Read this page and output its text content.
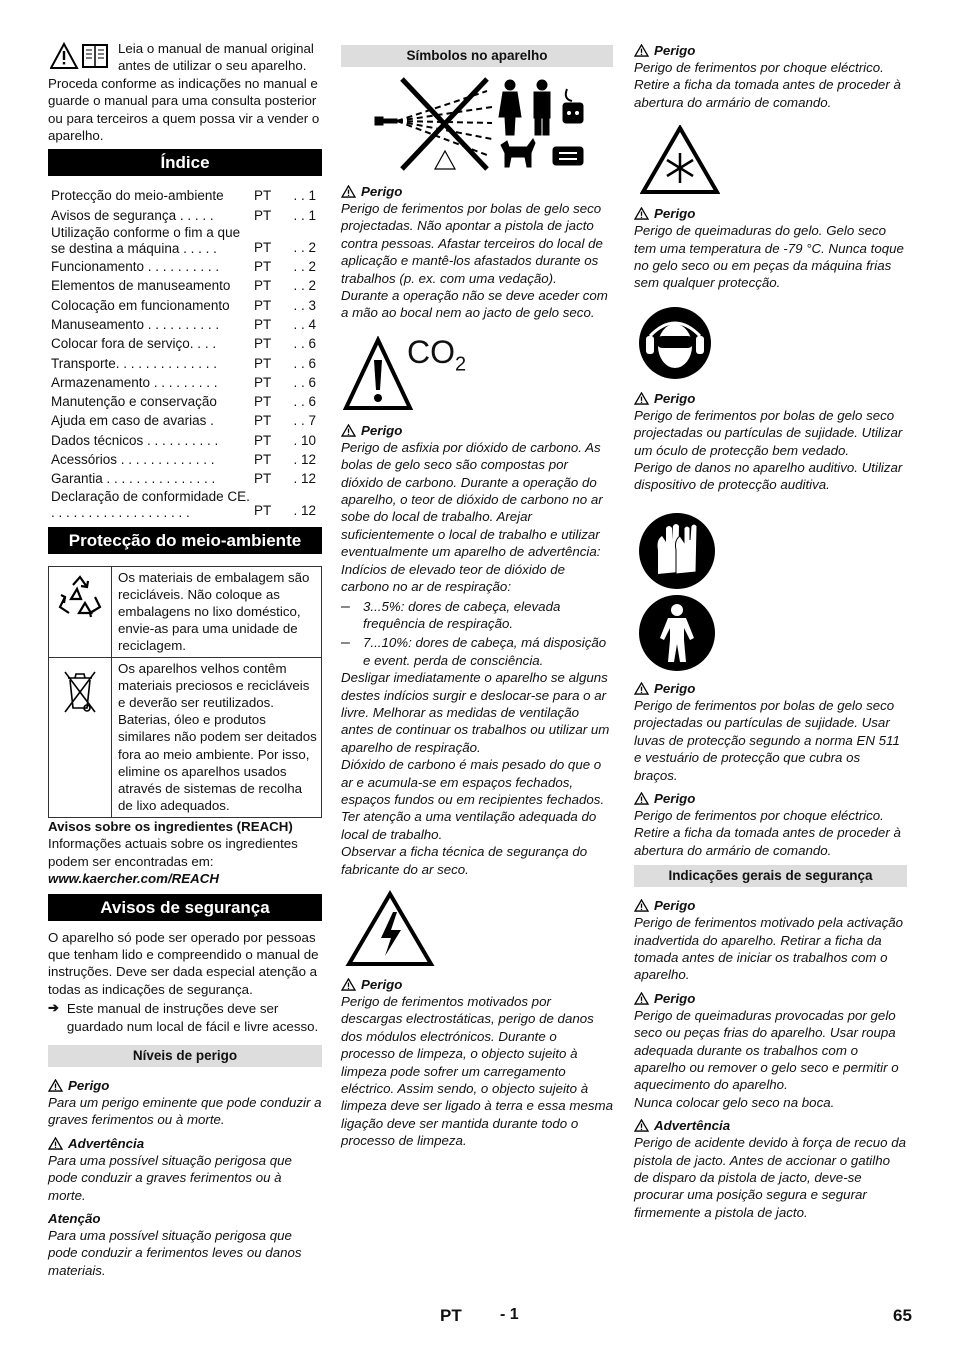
Leia o manual de manual original antes de utilizar o seu aparelho. Proceda conforme as indicações no manual e guarde o manual para uma consulta posterior ou para terceiros a quem possa vir a vender o aparelho.

Índice
Protecção do meio-ambiente	PT	. . 1
Avisos de segurança . . . . .	PT	. . 1
Utilização conforme o fim a que se destina a máquina . . . . .	PT	. . 2
Funcionamento . . . . . . . . . .	PT	. . 2
Elementos de manuseamento	PT	. . 2
Colocação em funcionamento	PT	. . 3
Manuseamento . . . . . . . . . .	PT	. . 4
Colocar fora de serviço. . . .	PT	. . 6
Transporte. . . . . . . . . . . . . .	PT	. . 6
Armazenamento . . . . . . . . .	PT	. . 6
Manutenção e conservação	PT	. . 6
Ajuda em caso de avarias .	PT	. . 7
Dados técnicos . . . . . . . . . .	PT	. 10
Acessórios . . . . . . . . . . . . .	PT	. 12
Garantia . . . . . . . . . . . . . . .	PT	. 12
Declaração de conformidade CE. . . . . . . . . . . . . . . . . . . .	PT	. 12
Protecção do meio-ambiente
	Os materiais de embalagem são recicláveis. Não coloque as embalagens no lixo doméstico, envie-as para uma unidade de reciclagem.
	Os aparelhos velhos contêm materiais preciosos e recicláveis e deverão ser reutilizados. Baterias, óleo e produtos similares não podem ser deitados fora ao meio ambiente. Por isso, elimine os aparelhos usados através de sistemas de recolha de lixo adequados.

Avisos sobre os ingredientes (REACH)

Informações actuais sobre os ingredientes podem ser encontradas em:

www.kaercher.com/REACH

Avisos de segurança

O aparelho só pode ser operado por pessoas que tenham lido e compreendido o manual de instruções. Deve ser dada especial atenção a todas as indicações de segurança.

➔ Este manual de instruções deve ser guardado num local de fácil e livre acesso.

Níveis de perigo
Perigo

Para um perigo eminente que pode conduzir a graves ferimentos ou à morte.

Advertência

Para uma possível situação perigosa que pode conduzir a graves ferimentos ou à morte.

Atenção

Para uma possível situação perigosa que pode conduzir a ferimentos leves ou danos materiais.

Símbolos no aparelho
Perigo

Perigo de ferimentos por bolas de gelo seco projectadas. Não apontar a pistola de jacto contra pessoas. Afastar terceiros do local de aplicação e mantê-los afastados durante os trabalhos (p. ex. com uma vedação).

Durante a operação não se deve aceder com a mão ao bocal nem ao jacto de gelo seco.

$CO_2$
Perigo

Perigo de asfixia por dióxido de carbono. As bolas de gelo seco são compostas por dióxido de carbono. Durante a operação do aparelho, o teor de dióxido de carbono no ar sobe do local de trabalho. Arejar suficientemente o local de trabalho e utilizar eventualmente um aparelho de advertência: Indícios de elevado teor de dióxido de carbono no ar de respiração:

– 3...5%: dores de cabeça, elevada frequência de respiração.

– 7...10%: dores de cabeça, má disposição e event. perda de consciência.

Desligar imediatamente o aparelho se alguns destes indícios surgir e deslocar-se para o ar livre. Melhorar as medidas de ventilação antes de continuar os trabalhos ou utilizar um aparelho de respiração.

Dióxido de carbono é mais pesado do que o ar e acumula-se em espaços fechados, espaços fundos ou em recipientes fechados.

Ter atenção a uma ventilação adequada do local de trabalho.

Observar a ficha técnica de segurança do fabricante do ar seco.

Perigo

Perigo de ferimentos motivados por descargas electrostáticas, perigo de danos dos módulos electrónicos. Durante o processo de limpeza, o objecto sujeito à limpeza pode sofrer um carregamento eléctrico. Assim sendo, o objecto sujeito à limpeza deve ser ligado à terra e essa mesma ligação deve ser mantida durante todo o processo de limpeza.

Perigo

Perigo de ferimentos por choque eléctrico. Retire a ficha da tomada antes de proceder à abertura do armário de comando.

Perigo

Perigo de queimaduras do gelo. Gelo seco tem uma temperatura de -79 °C. Nunca toque no gelo seco ou em peças da máquina frias sem qualquer protecção.

Perigo

Perigo de ferimentos por bolas de gelo seco projectadas ou partículas de sujidade. Utilizar um óculo de protecção bem vedado.

Perigo de danos no aparelho auditivo. Utilizar dispositivo de protecção auditiva.

Perigo

Perigo de ferimentos por bolas de gelo seco projectadas ou partículas de sujidade. Usar luvas de protecção segundo a norma EN 511 e vestuário de protecção que cubra os braços.

Perigo

Perigo de ferimentos por choque eléctrico. Retire a ficha da tomada antes de proceder à abertura do armário de comando.

Indicações gerais de segurança
Perigo

Perigo de ferimentos motivado pela activação inadvertida do aparelho. Retirar a ficha da tomada antes de iniciar os trabalhos com o aparelho.

Perigo

Perigo de queimaduras provocadas por gelo seco ou peças frias do aparelho. Usar roupa adequada durante os trabalhos com o aparelho ou remover o gelo seco e permitir o aquecimento do aparelho.

Nunca colocar gelo seco na boca.

Advertência

Perigo de acidente devido à força de recuo da pistola de jacto. Antes de accionar o gatilho de disparo da pistola de jacto, deve-se procurar uma posição segura e segurar firmemente a pistola de jacto.

PT - 1	65
